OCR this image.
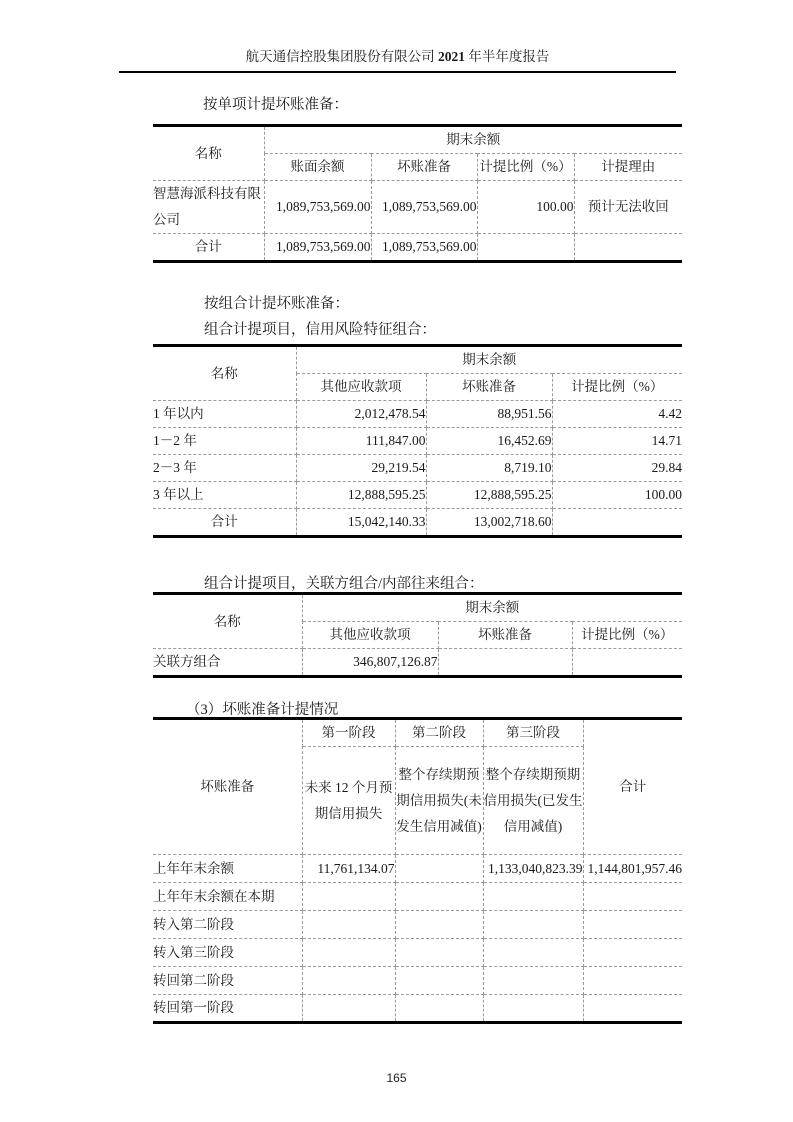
航天通信控股集团股份有限公司 2021 年半年度报告
按单项计提坏账准备：
名称	期末余额			
	账面余额	坏账准备	计提比例（%）	计提理由
智慧海派科技有限公司	1,089,753,569.00	1,089,753,569.00	100.00	预计无法收回
合计	1,089,753,569.00	1,089,753,569.00		
按组合计提坏账准备：
组合计提项目，信用风险特征组合：
名称	期末余额		
	其他应收款项	坏账准备	计提比例（%）
1 年以内	2,012,478.54	88,951.56	4.42
1－2 年	111,847.00	16,452.69	14.71
2－3 年	29,219.54	8,719.10	29.84
3 年以上	12,888,595.25	12,888,595.25	100.00
合计	15,042,140.33	13,002,718.60	
组合计提项目，关联方组合/内部往来组合：
名称	期末余额		
	其他应收款项	坏账准备	计提比例（%）
关联方组合	346,807,126.87		
（3）坏账准备计提情况
坏账准备	第一阶段	第二阶段	第三阶段	合计
	未来 12 个月预期信用损失	整个存续期预期信用损失(未发生信用减值)	整个存续期预期信用损失(已发生信用减值)	
上年年末余额	11,761,134.07		1,133,040,823.39	1,144,801,957.46
上年年末余额在本期				
转入第二阶段				
转入第三阶段				
转回第二阶段				
转回第一阶段				
165
